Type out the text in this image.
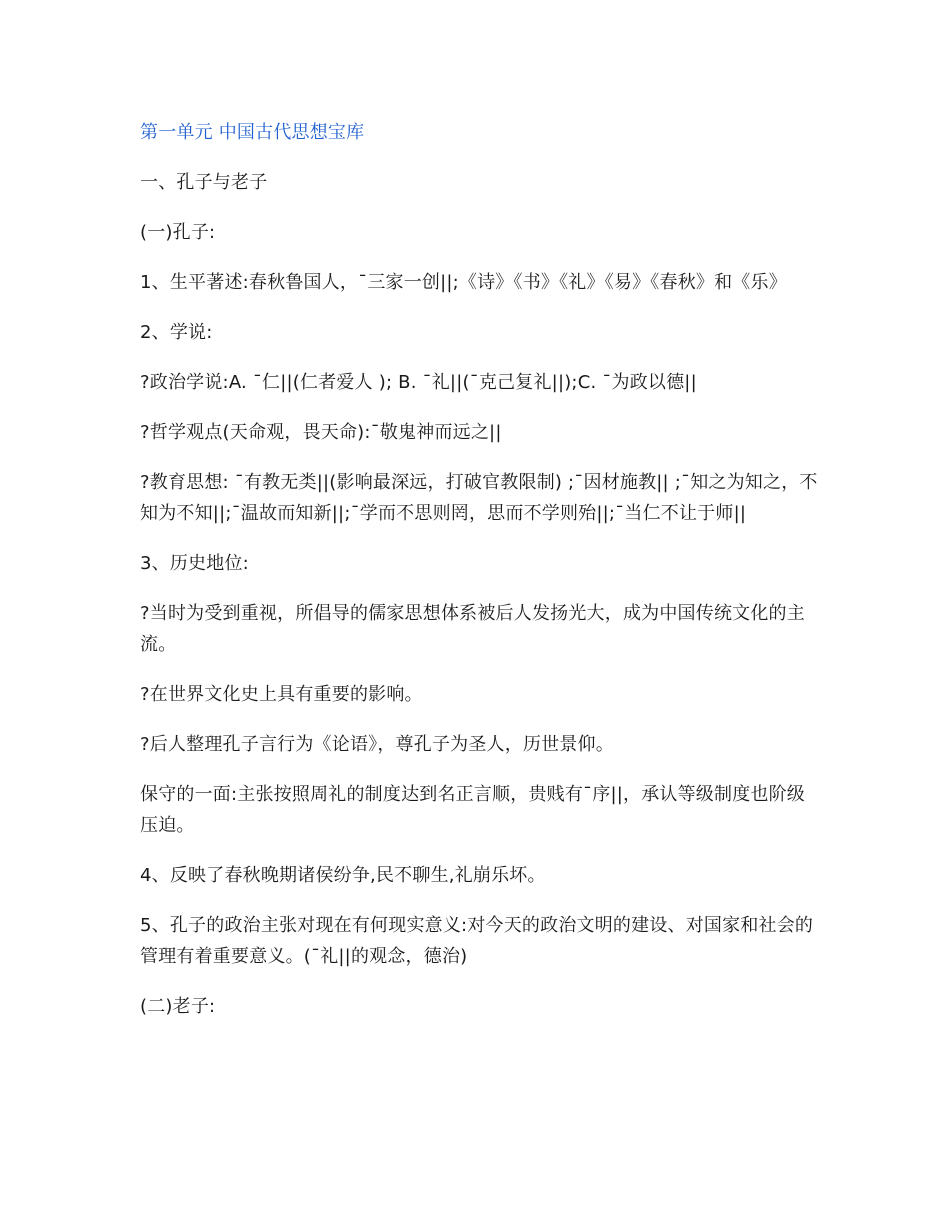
第一单元 中国古代思想宝库

一、孔子与老子

(一)孔子:

1、生平著述:春秋鲁国人，¯三家一创||;《诗》《书》《礼》《易》《春秋》和《乐》

2、学说:

?政治学说:A. ¯仁||(仁者爱人 ); B. ¯礼||(¯克己复礼||);C. ¯为政以德||

?哲学观点(天命观，畏天命):¯敬鬼神而远之||

?教育思想: ¯有教无类||(影响最深远，打破官教限制) ;¯因材施教|| ;¯知之为知之，不知为不知||;¯温故而知新||;¯学而不思则罔，思而不学则殆||;¯当仁不让于师||

3、历史地位:

?当时为受到重视，所倡导的儒家思想体系被后人发扬光大，成为中国传统文化的主流。

?在世界文化史上具有重要的影响。

?后人整理孔子言行为《论语》，尊孔子为圣人，历世景仰。

保守的一面:主张按照周礼的制度达到名正言顺，贵贱有¯序||，承认等级制度也阶级压迫。

4、反映了春秋晚期诸侯纷争,民不聊生,礼崩乐坏。

5、孔子的政治主张对现在有何现实意义:对今天的政治文明的建设、对国家和社会的管理有着重要意义。(¯礼||的观念，德治)

(二)老子:
